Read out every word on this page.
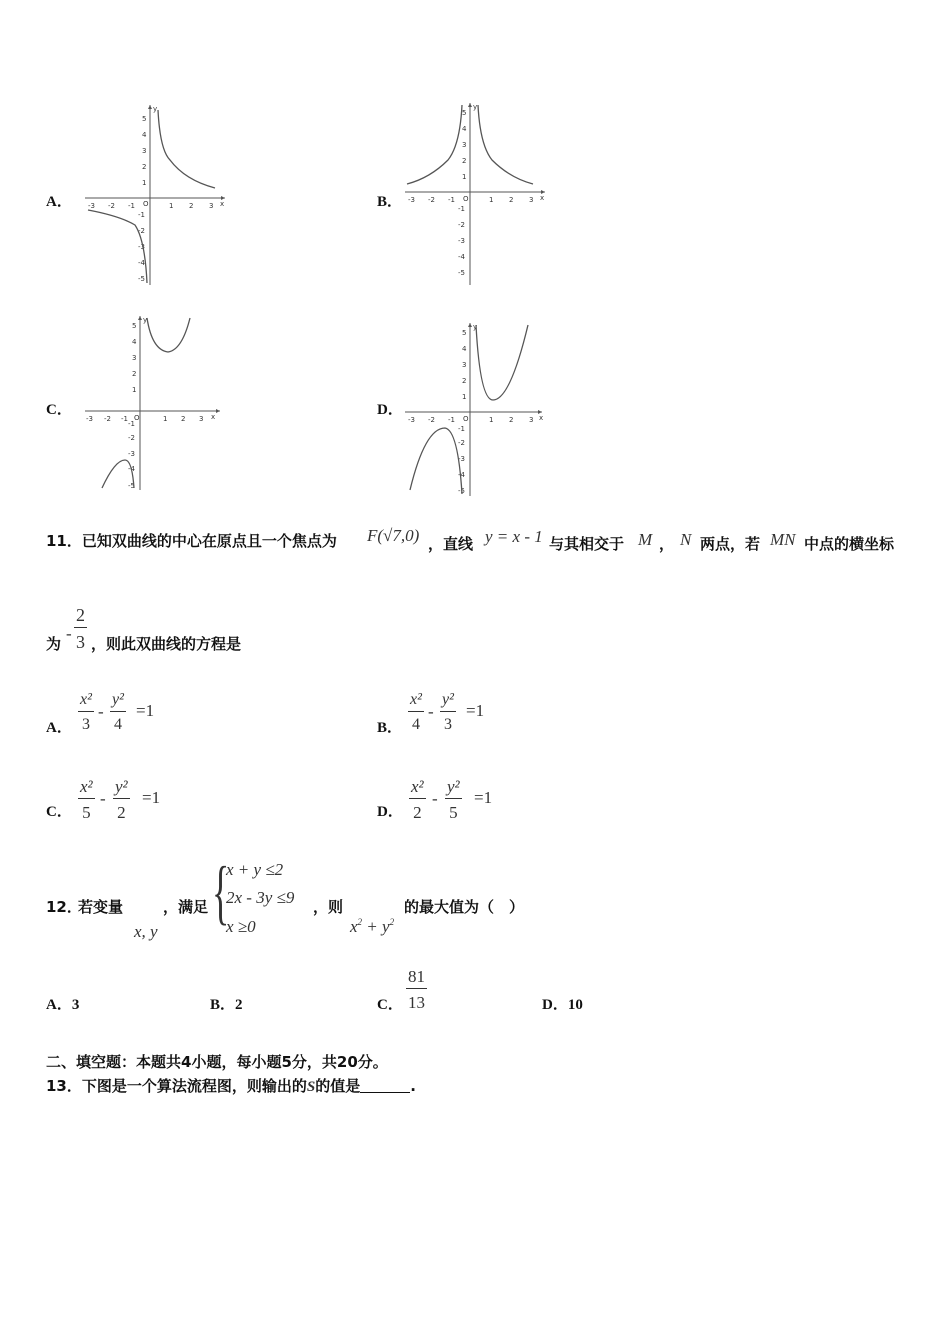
A．	B．
C．	D．
-3 -2 -1 O	1 2 3 x
5
4
3
2
1
-1
-2
-3
-4
-5
y
-3 -2 -1 O	1 2 3 x
5
4
3
2
1
-1
-2
-3
-4
-5
y
-3 -2 -1 O	1 2 3 x
5
4
3
2
1
-1
-2
-3
-4
-5
y
-3 -2 -1 O	1 2 3 x
5
4
3
2
1
-1
-2
-3
-4
-5
y
11．已知双曲线的中心在原点且一个焦点为 F(√7,0) ，直线 y = x - 1 与其相交于 M ， N 两点，若 MN 中点的横坐标
为
-
2
3 ，则此双曲线的方程是
A．
x²
3
-
y²
4
=1
B．
x²
4
-
y²
3
=1
C．
x²
5
-
y²
2
=1
D．
x²
2
-
y²
5
=1
12．
若变量
x, y
，满足 {
x + y ≤2
2x - 3y ≤9
x ≥0
，则
$x^2 + y^2$
的最大值为（　）
A．3	B．2	C．
81
13	D．10
二、填空题：本题共4小题，每小题5分，共20分。
13．下图是一个算法流程图，则输出的S的值是	.
